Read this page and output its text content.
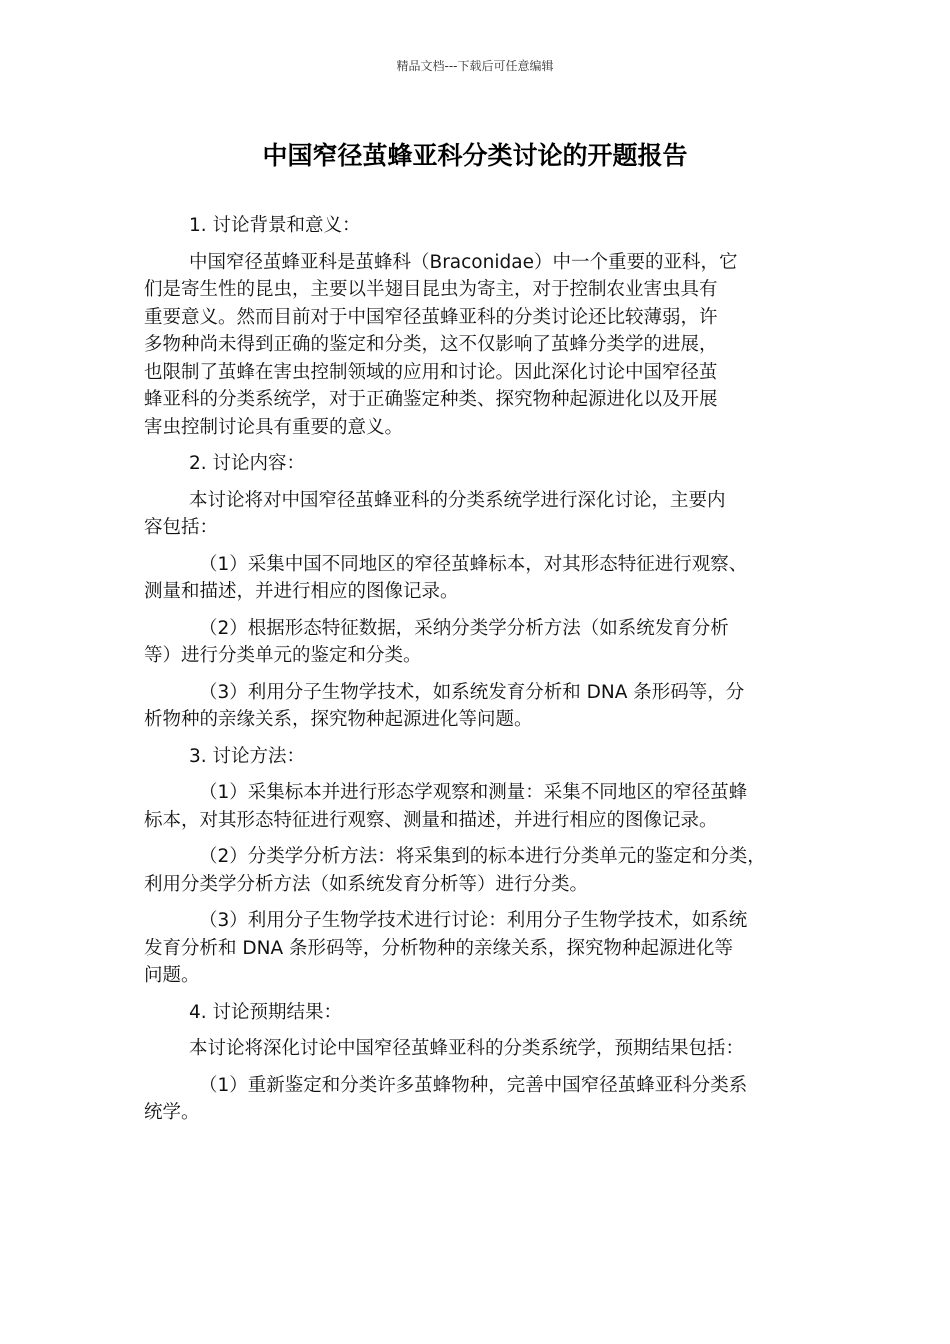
精品文档---下载后可任意编辑
中国窄径茧蜂亚科分类讨论的开题报告

1. 讨论背景和意义：

中国窄径茧蜂亚科是茧蜂科（Braconidae）中一个重要的亚科，它
们是寄生性的昆虫，主要以半翅目昆虫为寄主，对于控制农业害虫具有
重要意义。然而目前对于中国窄径茧蜂亚科的分类讨论还比较薄弱，许
多物种尚未得到正确的鉴定和分类，这不仅影响了茧蜂分类学的进展，
也限制了茧蜂在害虫控制领域的应用和讨论。因此深化讨论中国窄径茧
蜂亚科的分类系统学，对于正确鉴定种类、探究物种起源进化以及开展
害虫控制讨论具有重要的意义。

2. 讨论内容：

本讨论将对中国窄径茧蜂亚科的分类系统学进行深化讨论，主要内
容包括：

（1）采集中国不同地区的窄径茧蜂标本，对其形态特征进行观察、
测量和描述，并进行相应的图像记录。

（2）根据形态特征数据，采纳分类学分析方法（如系统发育分析
等）进行分类单元的鉴定和分类。

（3）利用分子生物学技术，如系统发育分析和 DNA 条形码等，分
析物种的亲缘关系，探究物种起源进化等问题。

3. 讨论方法：

（1）采集标本并进行形态学观察和测量：采集不同地区的窄径茧蜂
标本，对其形态特征进行观察、测量和描述，并进行相应的图像记录。

（2）分类学分析方法：将采集到的标本进行分类单元的鉴定和分类，
利用分类学分析方法（如系统发育分析等）进行分类。

（3）利用分子生物学技术进行讨论：利用分子生物学技术，如系统
发育分析和 DNA 条形码等，分析物种的亲缘关系，探究物种起源进化等
问题。

4. 讨论预期结果：

本讨论将深化讨论中国窄径茧蜂亚科的分类系统学，预期结果包括：

（1）重新鉴定和分类许多茧蜂物种，完善中国窄径茧蜂亚科分类系
统学。
